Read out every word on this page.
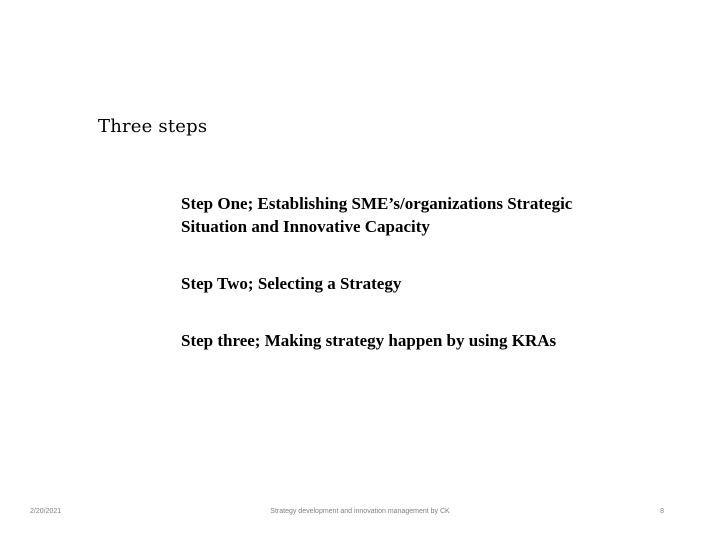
Three steps
Step One; Establishing SME’s/organizations Strategic
Situation and Innovative Capacity
Step Two; Selecting a Strategy
Step three; Making strategy happen by using KRAs
2/20/2021	Strategy development and innovation management by CK	8
